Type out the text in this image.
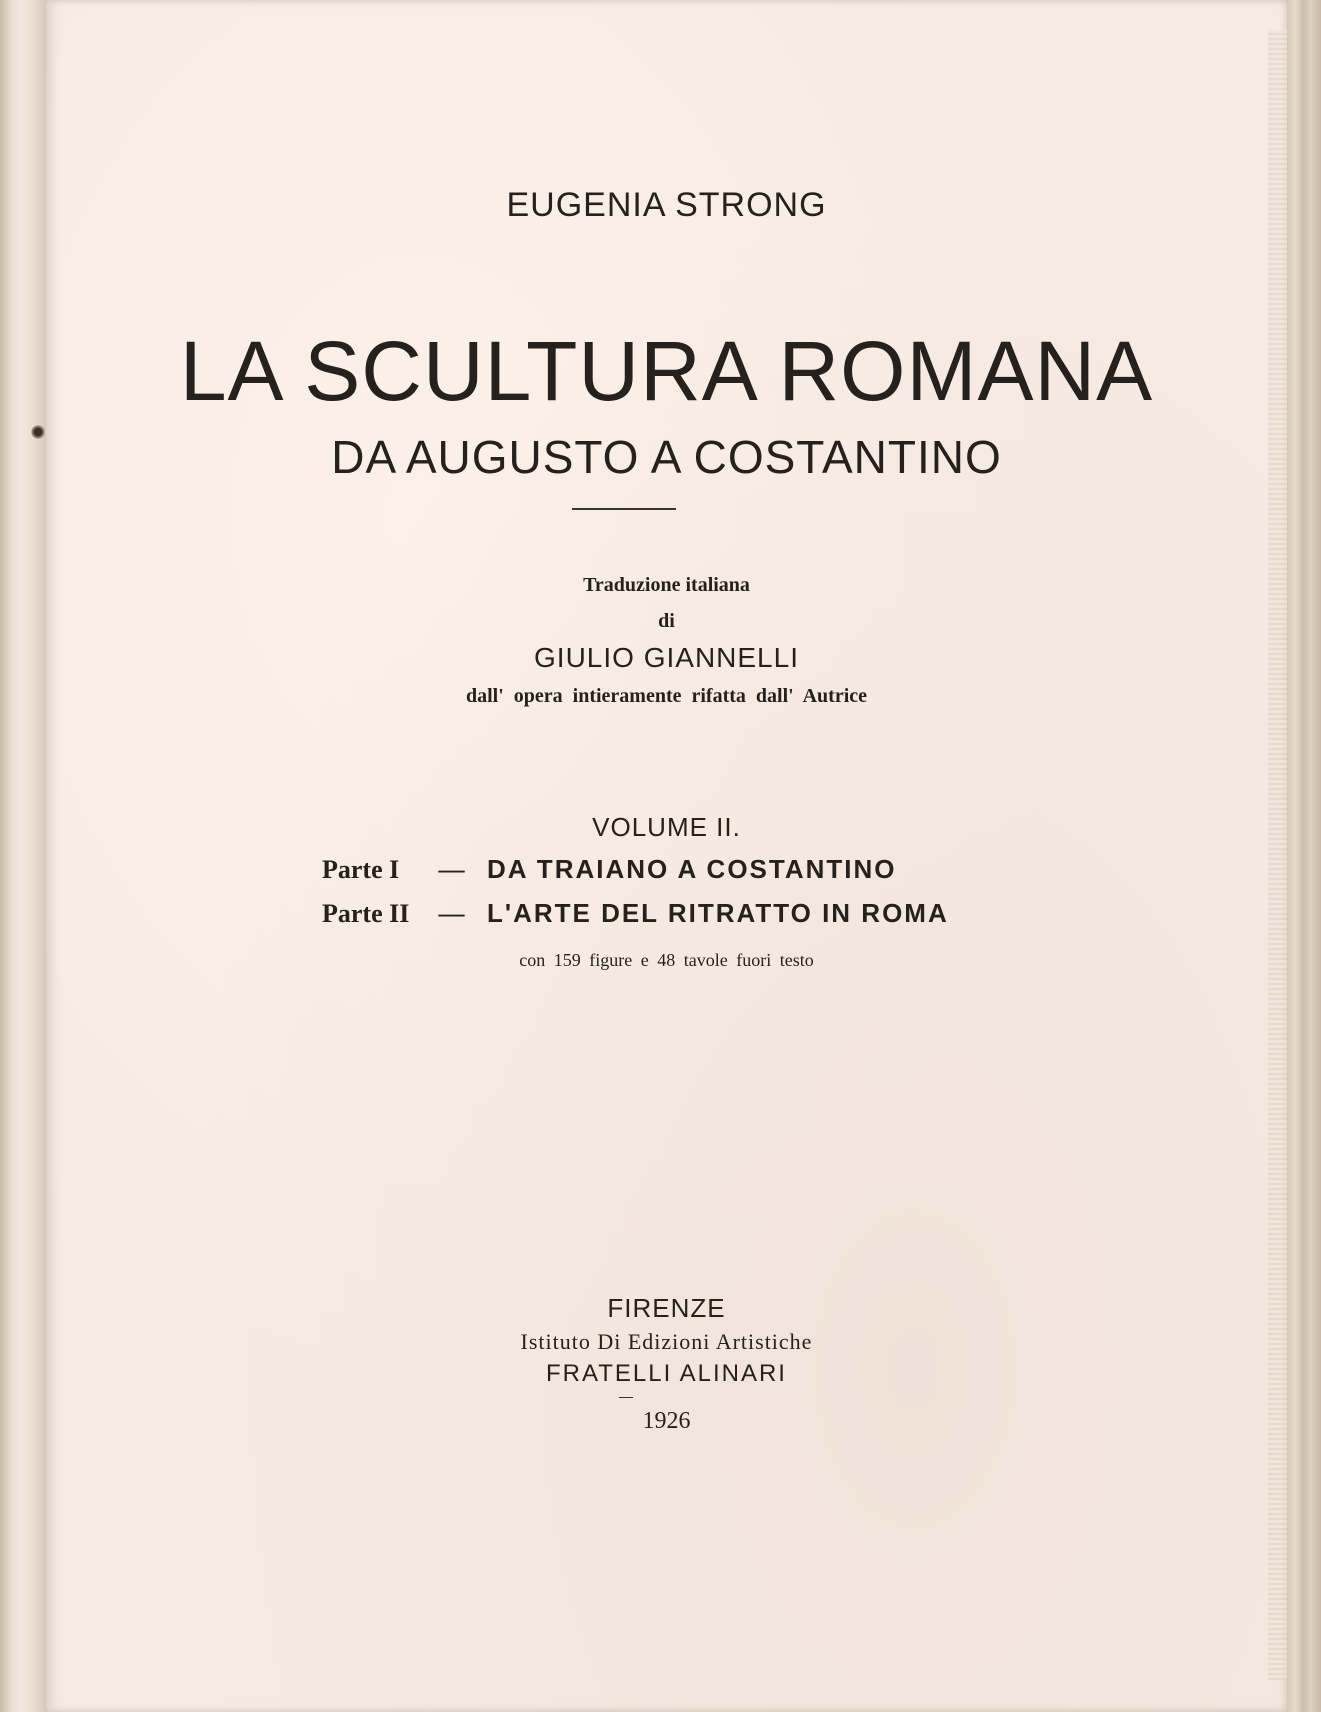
EUGENIA STRONG
LA SCULTURA ROMANA
DA AUGUSTO A COSTANTINO
Traduzione italiana
di
GIULIO GIANNELLI
dall' opera intieramente rifatta dall' Autrice
VOLUME II.
Parte I — DA TRAIANO A COSTANTINO
Parte II — L'ARTE DEL RITRATTO IN ROMA
con 159 figure e 48 tavole fuori testo
FIRENZE
Istituto Di Edizioni Artistiche
FRATELLI ALINARI
1926
